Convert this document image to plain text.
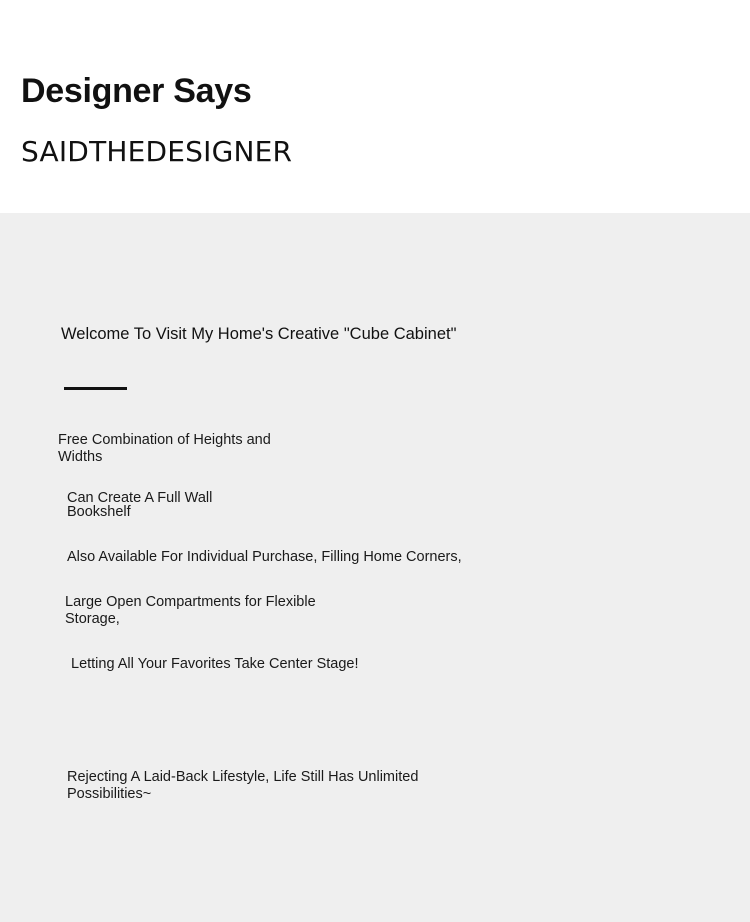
Designer Says
SAIDTHEDESIGNER
Welcome To Visit My Home's Creative "Cube Cabinet"
Free Combination of Heights and Widths
Can Create A Full Wall Bookshelf
Also Available For Individual Purchase, Filling Home Corners,
Large Open Compartments for Flexible Storage,
Letting All Your Favorites Take Center Stage!
Rejecting A Laid-Back Lifestyle, Life Still Has Unlimited Possibilities~
